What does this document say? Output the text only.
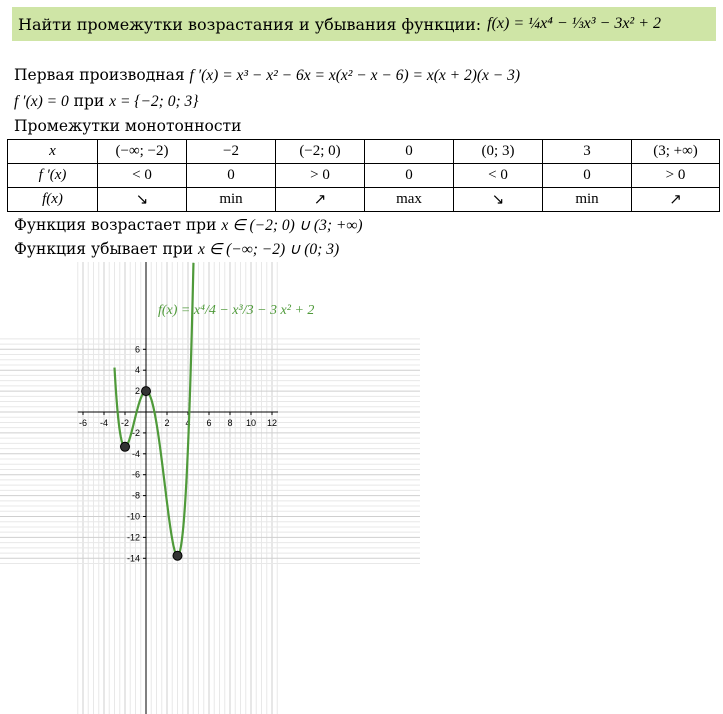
Найти промежутки возрастания и убывания функции: f(x) = ¼x⁴ − ⅓x³ − 3x² + 2
Первая производная f ′(x) = x³ − x² − 6x = x(x² − x − 6) = x(x + 2)(x − 3)
f ′(x) = 0 при x = {−2; 0; 3}
Промежутки монотонности
x	(−∞; −2)	−2	(−2; 0)	0	(0; 3)	3	(3; +∞)
f ′(x)	< 0	0	> 0	0	< 0	0	> 0
f(x)	↘	min	↗	max	↘	min	↗
Функция возрастает при x ∈ (−2; 0) ∪ (3; +∞)
Функция убывает при x ∈ (−∞; −2) ∪ (0; 3)
-6 -4 -2	2 4 6 8 10 12
6
4
2
-2
-4
-6
-8
-10
-12
-14
f(x) = x⁴/4 − x³/3 − 3 x² + 2
